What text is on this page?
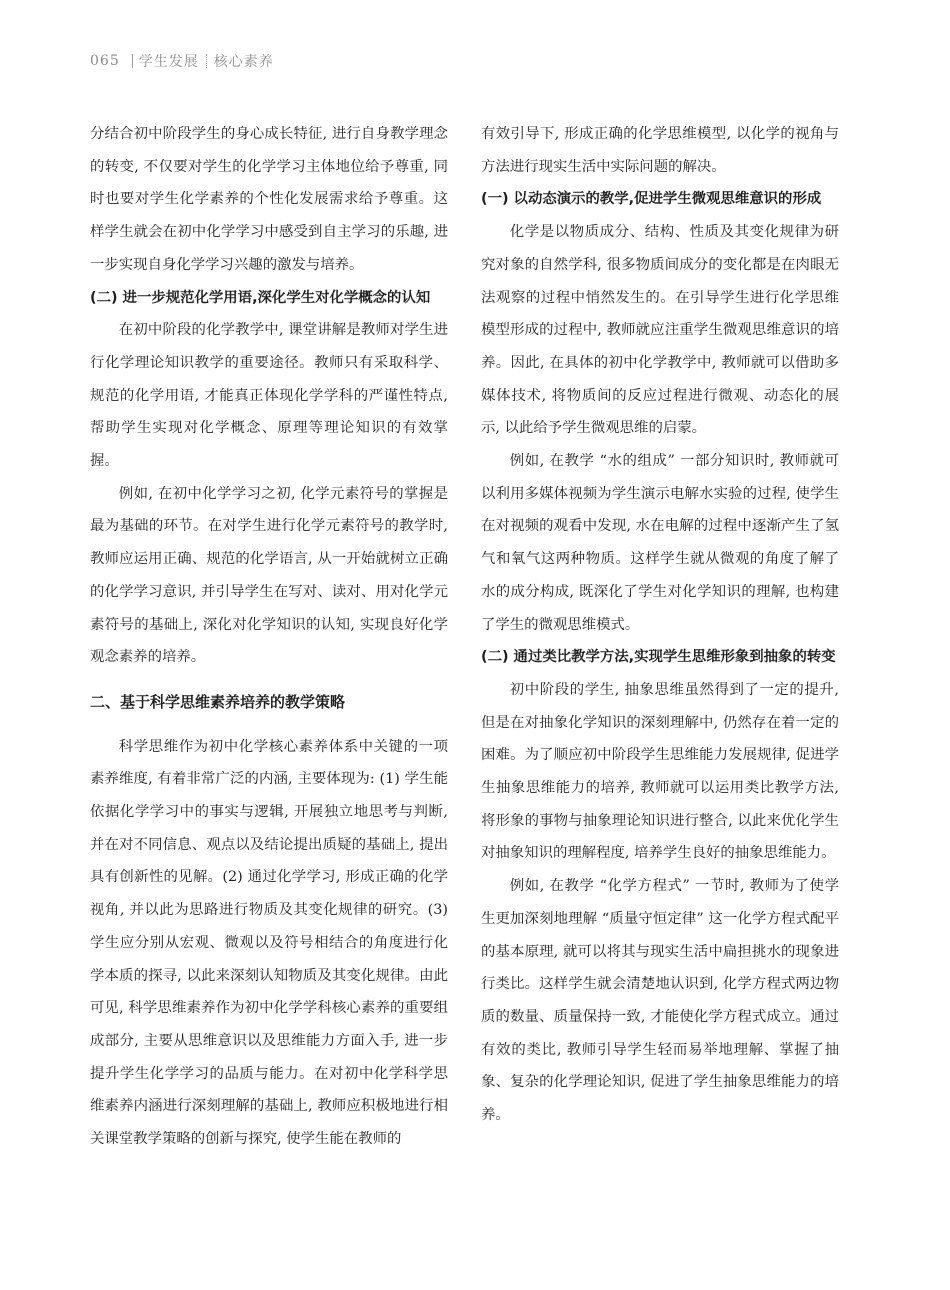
065 学生发展 核心素养

分结合初中阶段学生的身心成长特征, 进行自身教学理念的转变, 不仅要对学生的化学学习主体地位给予尊重, 同时也要对学生化学素养的个性化发展需求给予尊重。这样学生就会在初中化学学习中感受到自主学习的乐趣, 进一步实现自身化学学习兴趣的激发与培养。

(二) 进一步规范化学用语,深化学生对化学概念的认知

在初中阶段的化学教学中, 课堂讲解是教师对学生进行化学理论知识教学的重要途径。教师只有采取科学、规范的化学用语, 才能真正体现化学学科的严谨性特点, 帮助学生实现对化学概念、原理等理论知识的有效掌握。

例如, 在初中化学学习之初, 化学元素符号的掌握是最为基础的环节。在对学生进行化学元素符号的教学时, 教师应运用正确、规范的化学语言, 从一开始就树立正确的化学学习意识, 并引导学生在写对、读对、用对化学元素符号的基础上, 深化对化学知识的认知, 实现良好化学观念素养的培养。

二、基于科学思维素养培养的教学策略

科学思维作为初中化学核心素养体系中关键的一项素养维度, 有着非常广泛的内涵, 主要体现为: (1) 学生能依据化学学习中的事实与逻辑, 开展独立地思考与判断, 并在对不同信息、观点以及结论提出质疑的基础上, 提出具有创新性的见解。(2) 通过化学学习, 形成正确的化学视角, 并以此为思路进行物质及其变化规律的研究。(3) 学生应分别从宏观、微观以及符号相结合的角度进行化学本质的探寻, 以此来深刻认知物质及其变化规律。由此可见, 科学思维素养作为初中化学学科核心素养的重要组成部分, 主要从思维意识以及思维能力方面入手, 进一步提升学生化学学习的品质与能力。在对初中化学科学思维素养内涵进行深刻理解的基础上, 教师应积极地进行相关课堂教学策略的创新与探究, 使学生能在教师的

有效引导下, 形成正确的化学思维模型, 以化学的视角与方法进行现实生活中实际问题的解决。

(一) 以动态演示的教学,促进学生微观思维意识的形成

化学是以物质成分、结构、性质及其变化规律为研究对象的自然学科, 很多物质间成分的变化都是在肉眼无法观察的过程中悄然发生的。在引导学生进行化学思维模型形成的过程中, 教师就应注重学生微观思维意识的培养。因此, 在具体的初中化学教学中, 教师就可以借助多媒体技术, 将物质间的反应过程进行微观、动态化的展示, 以此给予学生微观思维的启蒙。

例如, 在教学 “水的组成” 一部分知识时, 教师就可以利用多媒体视频为学生演示电解水实验的过程, 使学生在对视频的观看中发现, 水在电解的过程中逐渐产生了氢气和氧气这两种物质。这样学生就从微观的角度了解了水的成分构成, 既深化了学生对化学知识的理解, 也构建了学生的微观思维模式。

(二) 通过类比教学方法,实现学生思维形象到抽象的转变

初中阶段的学生, 抽象思维虽然得到了一定的提升, 但是在对抽象化学知识的深刻理解中, 仍然存在着一定的困难。为了顺应初中阶段学生思维能力发展规律, 促进学生抽象思维能力的培养, 教师就可以运用类比教学方法, 将形象的事物与抽象理论知识进行整合, 以此来优化学生对抽象知识的理解程度, 培养学生良好的抽象思维能力。

例如, 在教学 “化学方程式” 一节时, 教师为了使学生更加深刻地理解 “质量守恒定律” 这一化学方程式配平的基本原理, 就可以将其与现实生活中扁担挑水的现象进行类比。这样学生就会清楚地认识到, 化学方程式两边物质的数量、质量保持一致, 才能使化学方程式成立。通过有效的类比, 教师引导学生轻而易举地理解、掌握了抽象、复杂的化学理论知识, 促进了学生抽象思维能力的培养。
